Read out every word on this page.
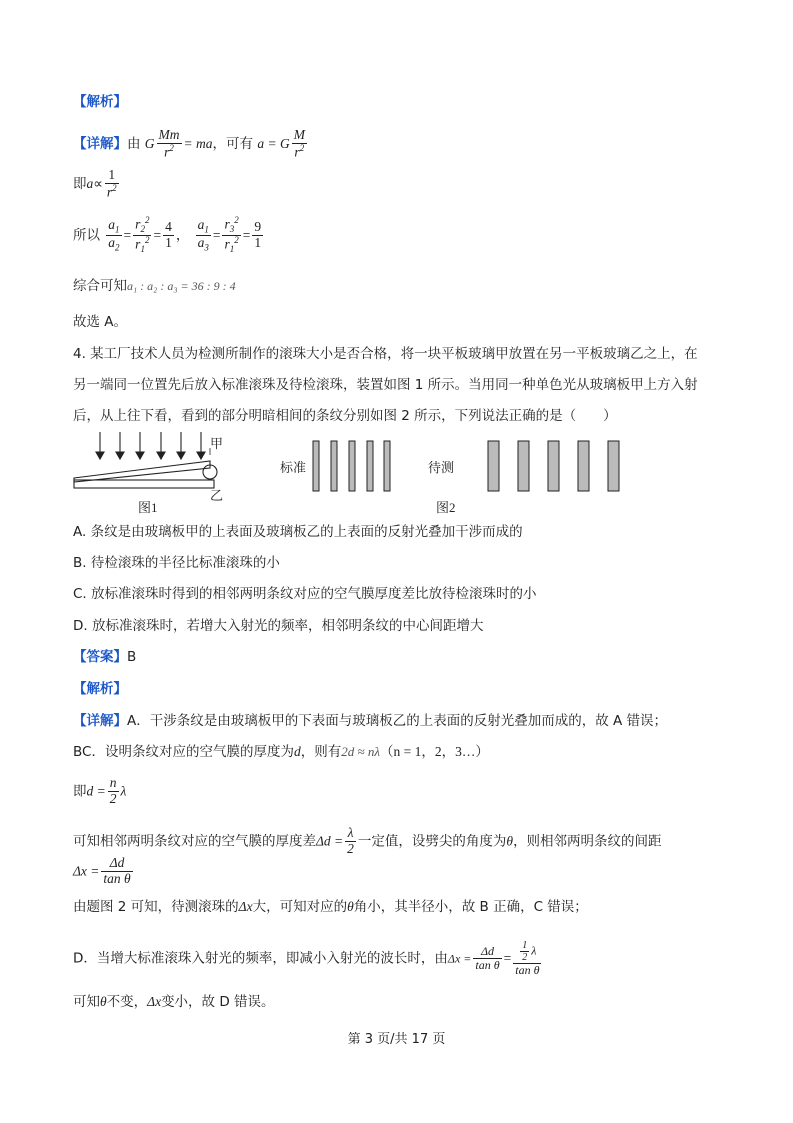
【解析】
【详解】由 G $\frac{Mm}{r^2}$ = ma，可有 a = G $\frac{M}{r^2}$
即$a\propto \frac{1}{r^2}$
所以 $\frac{a_1}{a_2} = \frac{r_2^2}{r_1^2} = \frac{4}{1}$ ， $\frac{a_1}{a_3} = \frac{r_3^2}{r_1^2} = \frac{9}{1}$
综合可知a₁ : a₂ : a₃ = 36 : 9 : 4
故选 A。
4. 某工厂技术人员为检测所制作的滚珠大小是否合格，将一块平板玻璃甲放置在另一平板玻璃乙之上，在
另一端同一位置先后放入标准滚珠及待检滚珠，装置如图 1 所示。当用同一种单色光从玻璃板甲上方入射
后，从上往下看，看到的部分明暗相间的条纹分别如图 2 所示，下列说法正确的是（　　）
甲
乙
图1
标准	待测
图2
A. 条纹是由玻璃板甲的上表面及玻璃板乙的上表面的反射光叠加干涉而成的
B. 待检滚珠的半径比标准滚珠的小
C. 放标准滚珠时得到的相邻两明条纹对应的空气膜厚度差比放待检滚珠时的小
D. 放标准滚珠时，若增大入射光的频率，相邻明条纹的中心间距增大
【答案】B
【解析】
【详解】A．干涉条纹是由玻璃板甲的下表面与玻璃板乙的上表面的反射光叠加而成的，故 A 错误；
BC．设明条纹对应的空气膜的厚度为d，则有2d ≈ nλ（n = 1，2，3…）
即$d = \frac{n}{2}$ λ
可知相邻两明条纹对应的空气膜的厚度差$\Delta d = \frac{\lambda}{2}$ 一定值，设劈尖的角度为θ，则相邻两明条纹的间距
$\Delta x = \frac{\Delta d}{\text{tan θ}}$
由题图 2 可知，待测滚珠的Δx大，可知对应的θ角小，其半径小，故 B 正确，C 错误；
D．当增大标准滚珠入射光的频率，即减小入射光的波长时，由$\Delta x = \frac{\Delta d}{\text{tan θ}} = \frac{\frac{1}{2} \lambda}{\text{tan θ}}$
可知θ不变，Δx变小，故 D 错误。
第 3 页/共 17 页
